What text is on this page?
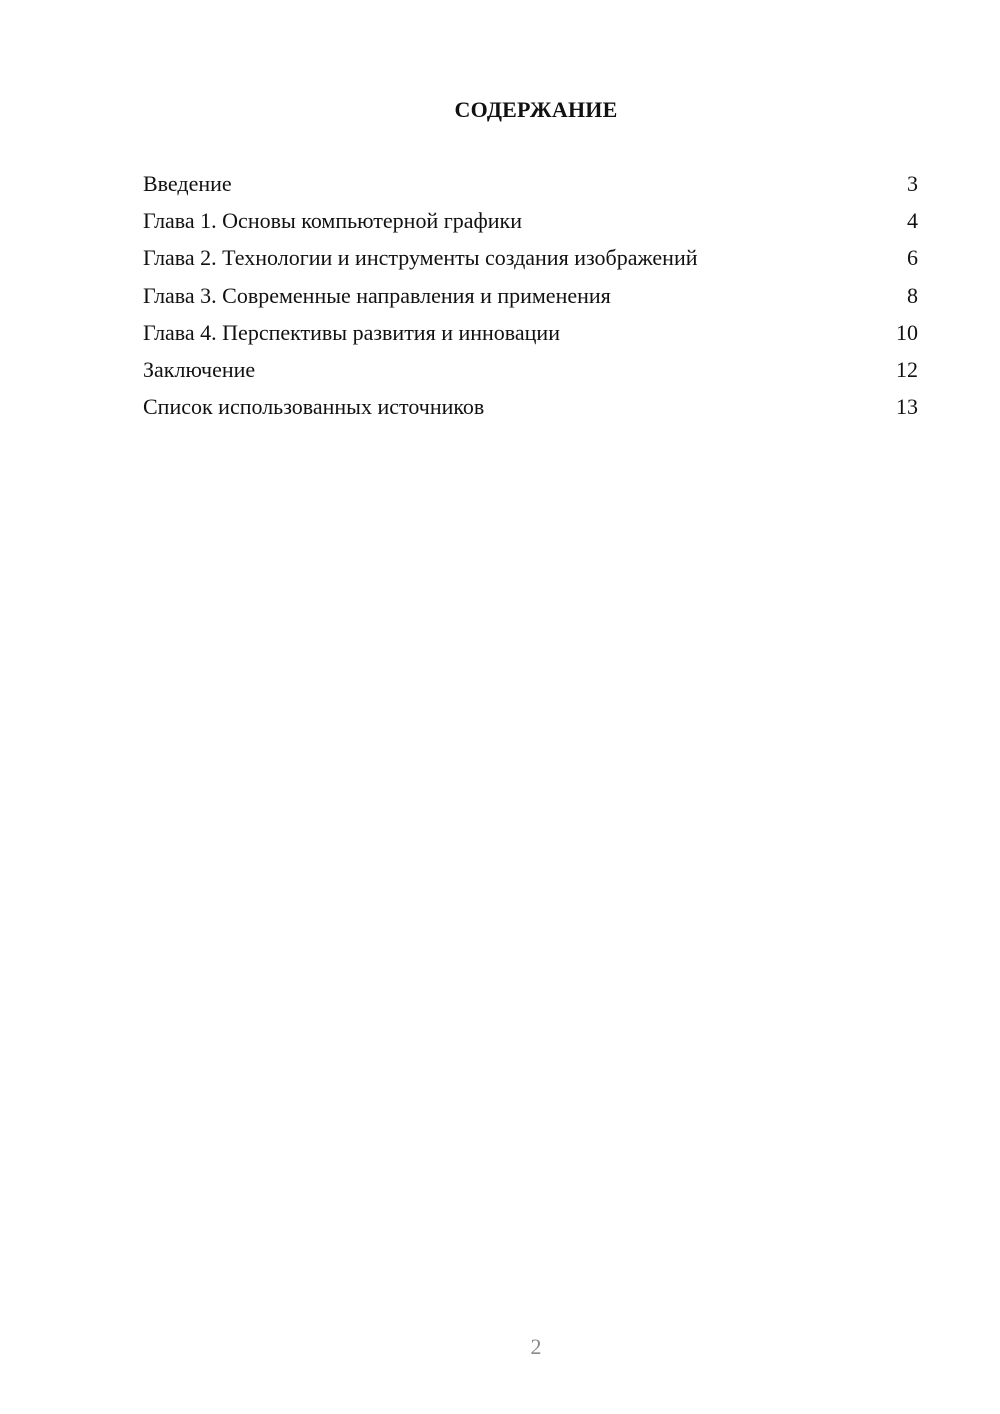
СОДЕРЖАНИЕ
Введение	3
Глава 1. Основы компьютерной графики	4
Глава 2. Технологии и инструменты создания изображений	6
Глава 3. Современные направления и применения	8
Глава 4. Перспективы развития и инновации	10
Заключение	12
Список использованных источников	13
2
